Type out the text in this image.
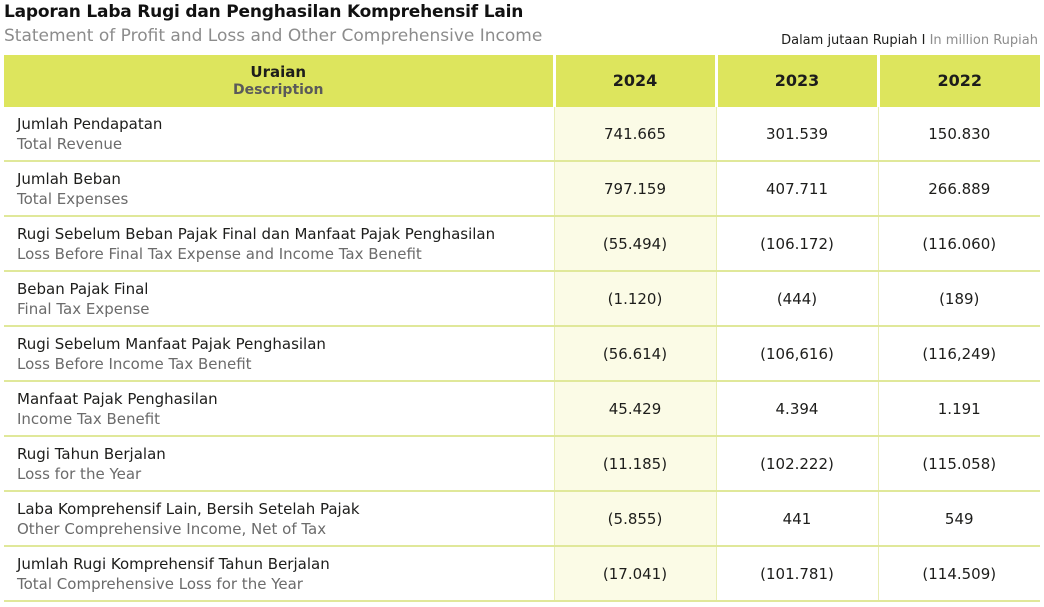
Laporan Laba Rugi dan Penghasilan Komprehensif Lain
Statement of Profit and Loss and Other Comprehensive Income	Dalam jutaan Rupiah I In million Rupiah
Uraian
Description	2024	2023	2022

Jumlah Pendapatan
Total Revenue	741.665	301.539	150.830

Jumlah Beban
Total Expenses	797.159	407.711	266.889

Rugi Sebelum Beban Pajak Final dan Manfaat Pajak Penghasilan
Loss Before Final Tax Expense and Income Tax Benefit	(55.494)	(106.172)	(116.060)

Beban Pajak Final
Final Tax Expense	(1.120)	(444)	(189)

Rugi Sebelum Manfaat Pajak Penghasilan
Loss Before Income Tax Benefit	(56.614)	(106,616)	(116,249)

Manfaat Pajak Penghasilan
Income Tax Benefit	45.429	4.394	1.191

Rugi Tahun Berjalan
Loss for the Year	(11.185)	(102.222)	(115.058)

Laba Komprehensif Lain, Bersih Setelah Pajak
Other Comprehensive Income, Net of Tax	(5.855)	441	549

Jumlah Rugi Komprehensif Tahun Berjalan
Total Comprehensive Loss for the Year	(17.041)	(101.781)	(114.509)
